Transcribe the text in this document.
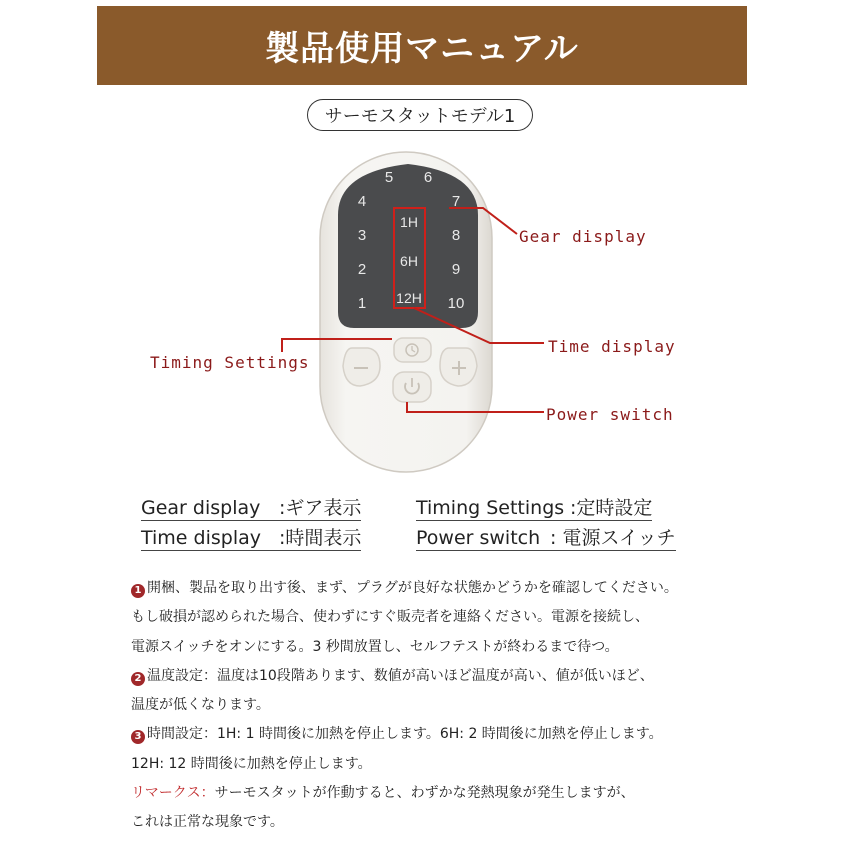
製品使用マニュアル
サーモスタットモデル1
5 6
4
3
2
1
7
8
9
10
1H
6H
12H
Gear display
Time display
Timing Settings
Power switch
Gear display :ギア表示
Time display :時間表示
Timing Settings :定時設定
Power switch : 電源スイッチ
1 開梱、製品を取り出す後、まず、プラグが良好な状態かどうかを確認してください。
もし破損が認められた場合、使わずにすぐ販売者を連絡ください。電源を接続し、
電源スイッチをオンにする。3 秒間放置し、セルフテストが終わるまで待つ。
2 温度設定：温度は10段階あります、数値が高いほど温度が高い、値が低いほど、
温度が低くなります。
3 時間設定：1H: 1 時間後に加熱を停止します。6H: 2 時間後に加熱を停止します。
12H: 12 時間後に加熱を停止します。
リマークス：サーモスタットが作動すると、わずかな発熱現象が発生しますが、
これは正常な現象です。
